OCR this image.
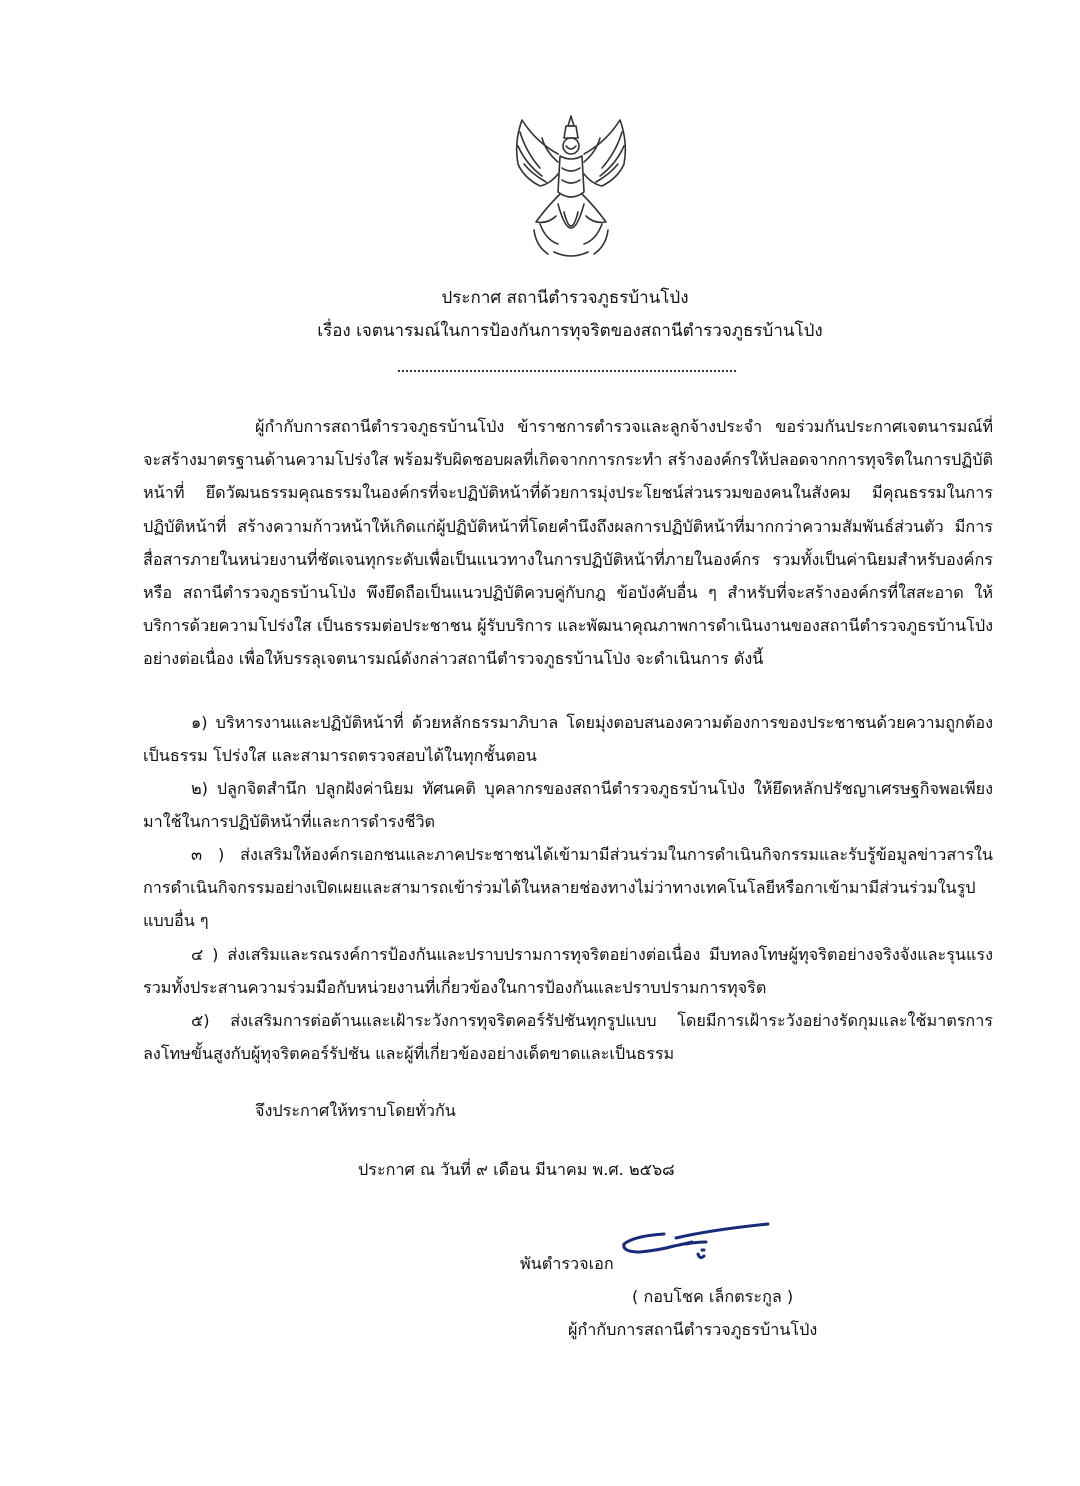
ประกาศ สถานีตำรวจภูธรบ้านโป่ง
เรื่อง เจตนารมณ์ในการป้องกันการทุจริตของสถานีตำรวจภูธรบ้านโป่ง

ผู้กำกับการสถานีตำรวจภูธรบ้านโป่ง ข้าราชการตำรวจและลูกจ้างประจำ ขอร่วมกันประกาศเจตนารมณ์ที่จะสร้างมาตรฐานด้านความโปร่งใส พร้อมรับผิดชอบผลที่เกิดจากการกระทำ สร้างองค์กรให้ปลอดจากการทุจริตในการปฏิบัติหน้าที่ ยึดวัฒนธรรมคุณธรรมในองค์กรที่จะปฏิบัติหน้าที่ด้วยการมุ่งประโยชน์ส่วนรวมของคนในสังคม มีคุณธรรมในการปฏิบัติหน้าที่ สร้างความก้าวหน้าให้เกิดแก่ผู้ปฏิบัติหน้าที่โดยคำนึงถึงผลการปฏิบัติหน้าที่มากกว่าความสัมพันธ์ส่วนตัว มีการสื่อสารภายในหน่วยงานที่ชัดเจนทุกระดับเพื่อเป็นแนวทางในการปฏิบัติหน้าที่ภายในองค์กร รวมทั้งเป็นค่านิยมสำหรับองค์กรหรือ สถานีตำรวจภูธรบ้านโป่ง พึงยึดถือเป็นแนวปฏิบัติควบคู่กับกฎ ข้อบังคับอื่น ๆ สำหรับที่จะสร้างองค์กรที่ใสสะอาด ให้บริการด้วยความโปร่งใส เป็นธรรมต่อประชาชน ผู้รับบริการ และพัฒนาคุณภาพการดำเนินงานของสถานีตำรวจภูธรบ้านโป่งอย่างต่อเนื่อง เพื่อให้บรรลุเจตนารมณ์ดังกล่าวสถานีตำรวจภูธรบ้านโป่ง จะดำเนินการ ดังนี้

๑) บริหารงานและปฏิบัติหน้าที่ ด้วยหลักธรรมาภิบาล โดยมุ่งตอบสนองความต้องการของประชาชนด้วยความถูกต้อง เป็นธรรม โปร่งใส และสามารถตรวจสอบได้ในทุกชั้นตอน

๒) ปลูกจิตสำนึก ปลูกฝังค่านิยม ทัศนคติ บุคลากรของสถานีตำรวจภูธรบ้านโป่ง ให้ยึดหลักปรัชญาเศรษฐกิจพอเพียงมาใช้ในการปฏิบัติหน้าที่และการดำรงชีวิต

๓ ) ส่งเสริมให้องค์กรเอกชนและภาคประชาชนได้เข้ามามีส่วนร่วมในการดำเนินกิจกรรมและรับรู้ข้อมูลข่าวสารในการดำเนินกิจกรรมอย่างเปิดเผยและสามารถเข้าร่วมได้ในหลายช่องทางไม่ว่าทางเทคโนโลยีหรือกาเข้ามามีส่วนร่วมในรูปแบบอื่น ๆ

๔ ) ส่งเสริมและรณรงค์การป้องกันและปราบปรามการทุจริตอย่างต่อเนื่อง มีบทลงโทษผู้ทุจริตอย่างจริงจังและรุนแรง รวมทั้งประสานความร่วมมือกับหน่วยงานที่เกี่ยวข้องในการป้องกันและปราบปรามการทุจริต

๕) ส่งเสริมการต่อต้านและเฝ้าระวังการทุจริตคอร์รัปชันทุกรูปแบบ โดยมีการเฝ้าระวังอย่างรัดกุมและใช้มาตรการลงโทษขั้นสูงกับผู้ทุจริตคอร์รัปชัน และผู้ที่เกี่ยวข้องอย่างเด็ดขาดและเป็นธรรม

จึงประกาศให้ทราบโดยทั่วกัน
ประกาศ ณ วันที่ ๙ เดือน มีนาคม พ.ศ. ๒๕๖๘
พันตำรวจเอก
( กอบโชค เล็กตระกูล )
ผู้กำกับการสถานีตำรวจภูธรบ้านโป่ง
